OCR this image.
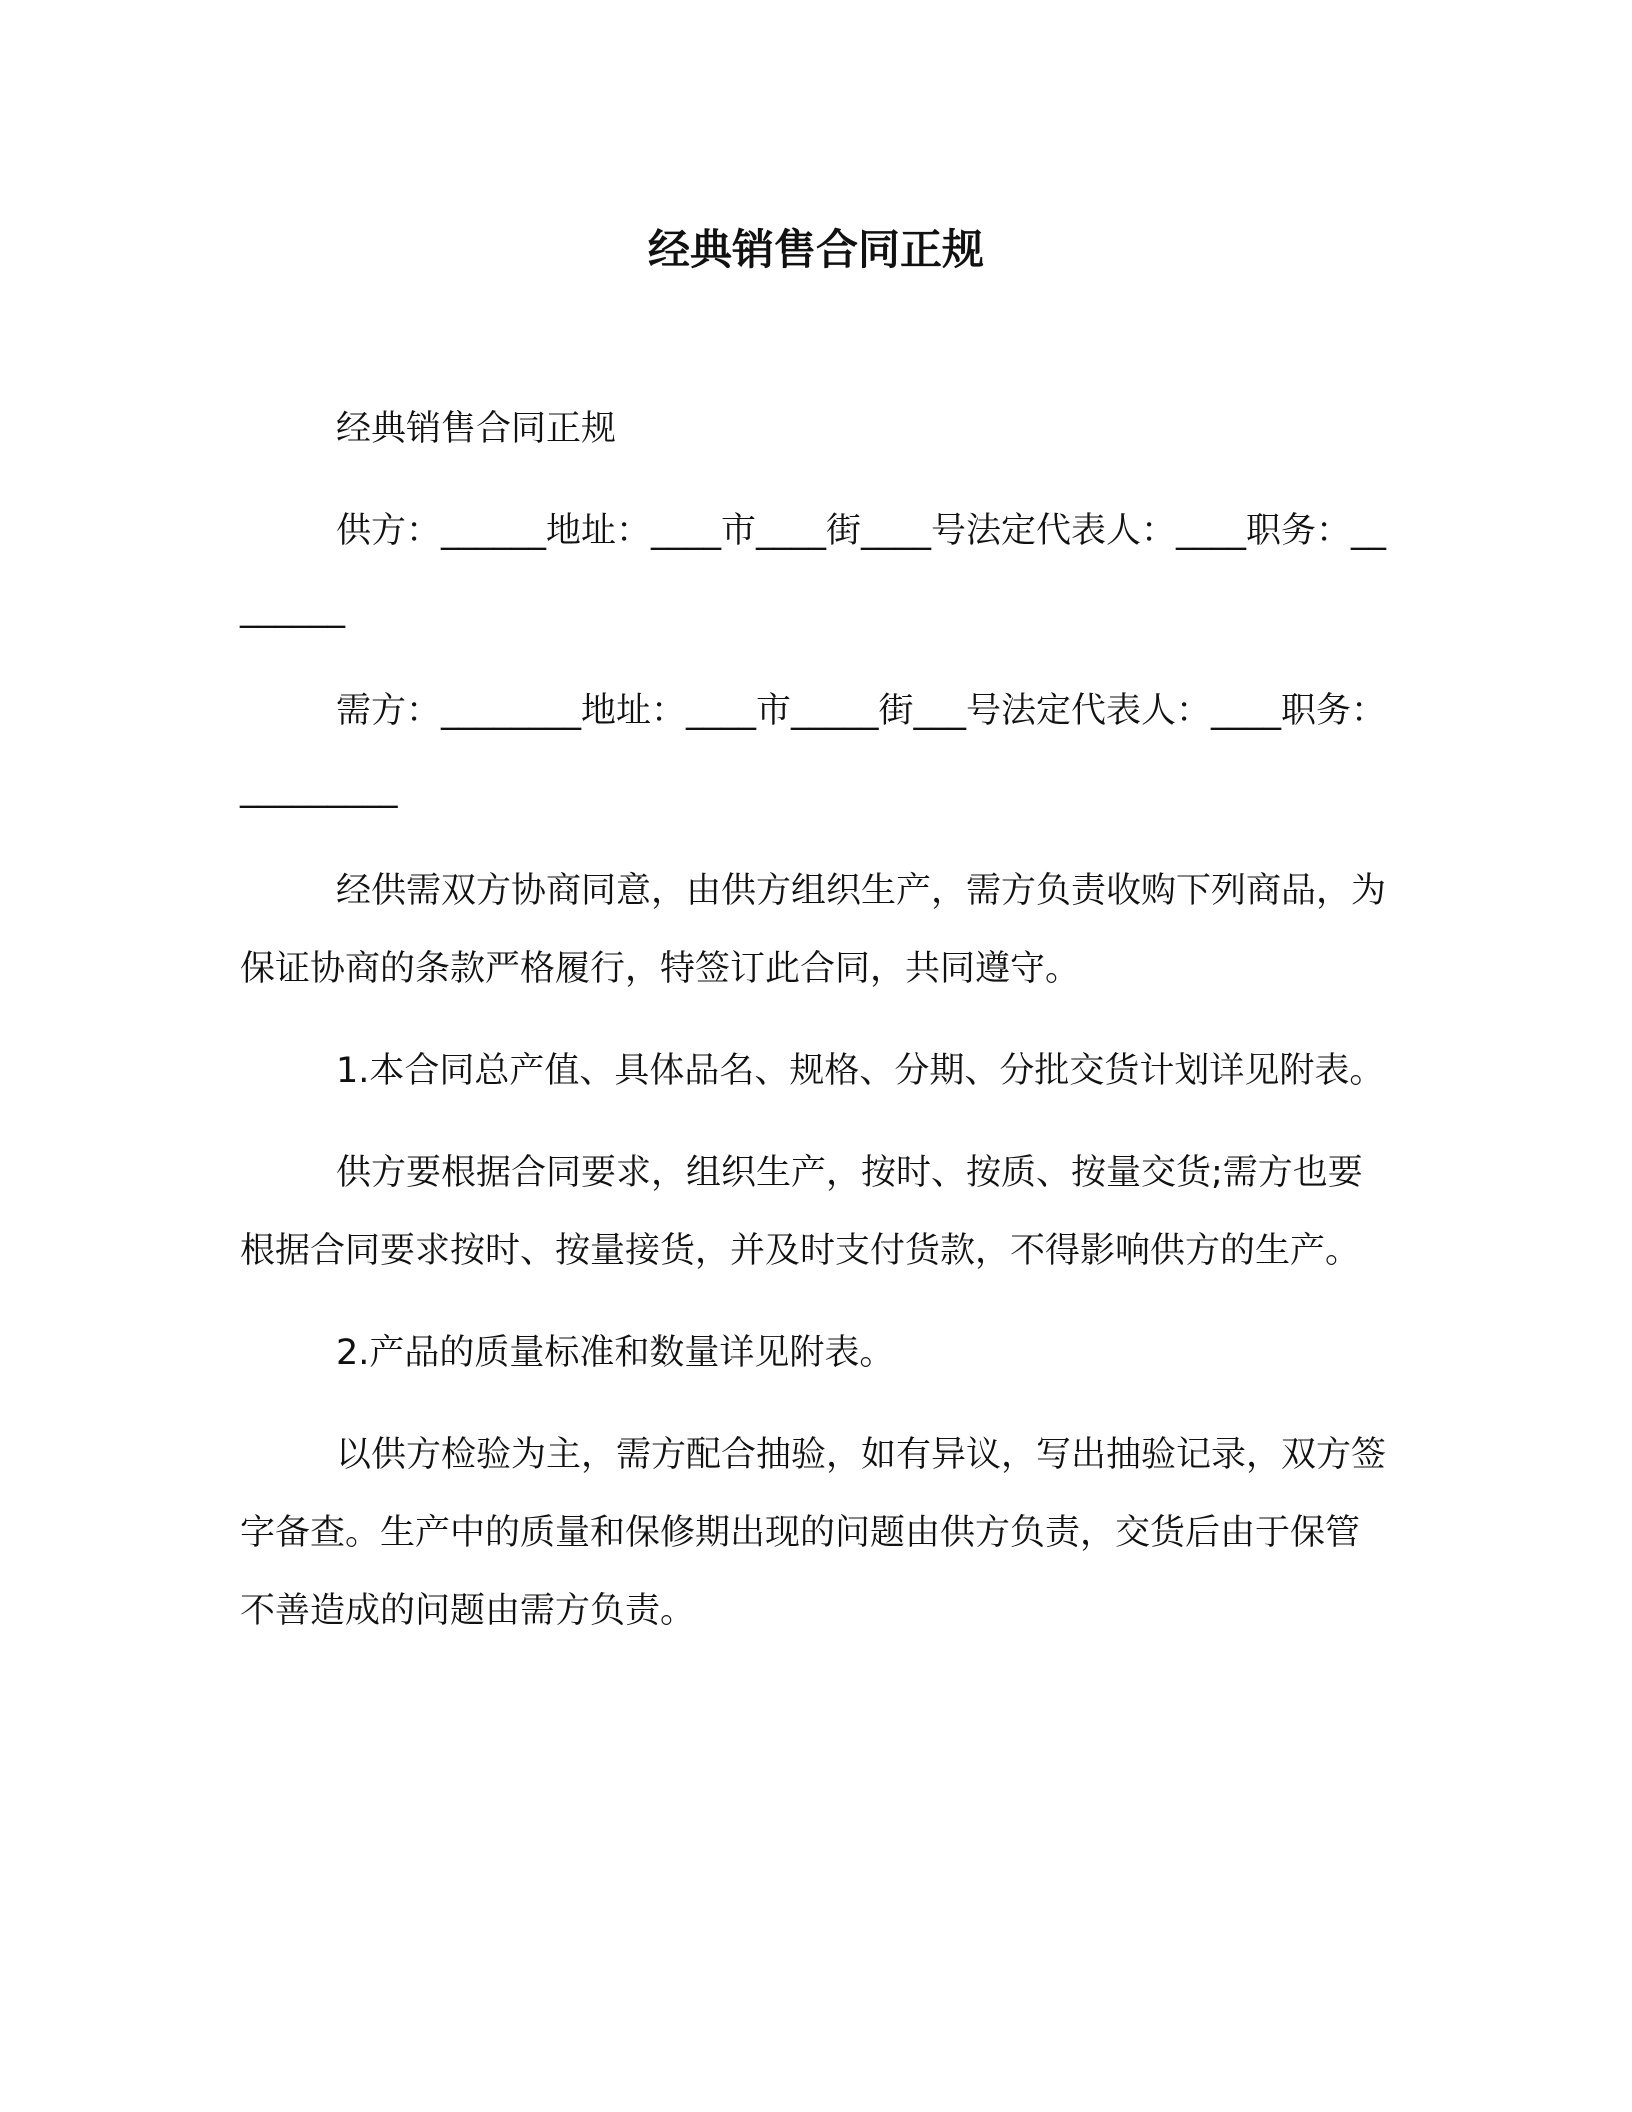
经典销售合同正规

经典销售合同正规

供方：______地址：____市____街____号法定代表人：____职务：________

需方：________地址：____市_____街___号法定代表人：____职务：_________

经供需双方协商同意，由供方组织生产，需方负责收购下列商品，为保证协商的条款严格履行，特签订此合同，共同遵守。

1.本合同总产值、具体品名、规格、分期、分批交货计划详见附表。

供方要根据合同要求，组织生产，按时、按质、按量交货;需方也要根据合同要求按时、按量接货，并及时支付货款，不得影响供方的生产。

2.产品的质量标准和数量详见附表。

以供方检验为主，需方配合抽验，如有异议，写出抽验记录，双方签字备查。生产中的质量和保修期出现的问题由供方负责，交货后由于保管不善造成的问题由需方负责。
